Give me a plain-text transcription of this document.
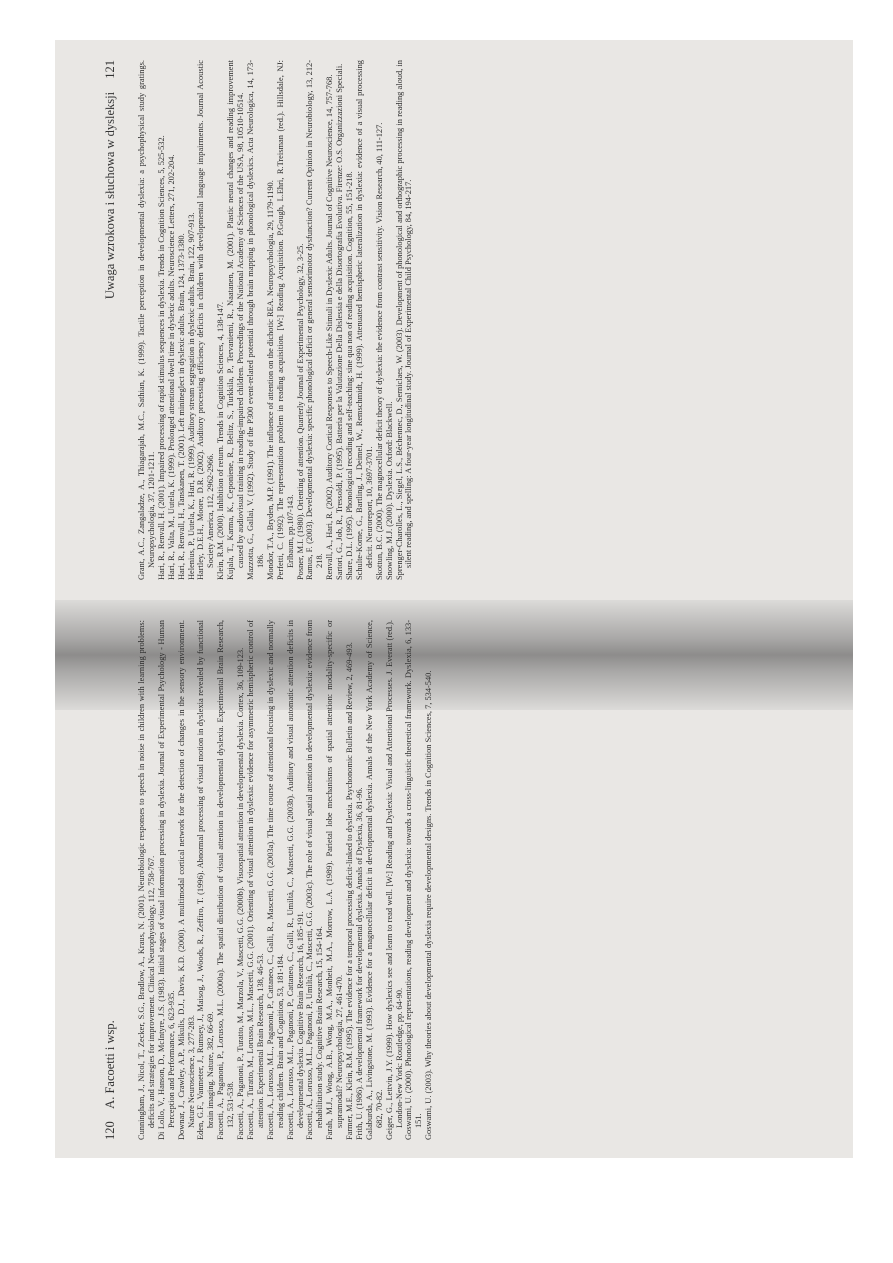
120 A. Facoetti i wsp.	Cunningham, J., Nicol, T., Zecker, S.G., Bradlow, A., Kraus, N. (2001). Neurobiologic responses to speech in noise in children with learning problems: deficits and strategies for improvement. Clinical Neurophysiology, 112, 758-767. Di Lollo, V., Hanson, D., McIntyre, J.S. (1983). Initial stages of visual information processing in dyslexia. Journal of Experimental Psychology - Human Perception and Performance, 6, 623-935. Downar, J., Crawley, A.P., Mikulis, D.J., Davis, K.D. (2000). A multimodal cortical network for the detection of changes in the sensory environment. Nature Neuroscience, 3, 277-283. Eden, G.F., Vanmeter, J., Rumsey, J., Maisog, J., Woods, R., Zeffiro, T. (1996). Abnormal processing of visual motion in dyslexia revealed by functional brain imaging. Nature, 382, 66-69. Facoetti, A., Paganoni, P., Lorusso, M.L. (2000a). The spatial distribution of visual attention in developmental dyslexia. Experimental Brain Research, 132, 531-538. Facoetti, A., Paganoni, P., Turatto, M., Marzola, V., Mascetti, G.G. (2000b). Visuospatial attention in developmental dyslexia. Cortex, 36, 109-123. Facoetti, A., Turatto, M., Lorusso, M.L., Mascetti, G.G. (2001). Orienting of visual attention in dyslexia: evidence for asymmetric hemispheric control of attention. Experimental Brain Research, 138, 46-53. Facoetti, A., Lorusso, M.L., Paganoni, P., Cattaneo, C., Galli, R., Mascetti, G.G. (2003a). The time course of attentional focusing in dyslexic and normally reading children. Brain and Cognition, 53, 181-184. Facoetti, A., Lorusso, M.L., Paganoni, P., Cattaneo, C., Galli, R., Umiltà, C., Mascetti, G.G. (2003b). Auditory and visual automatic attention deficits in developmental dyslexia. Cognitive Brain Research, 16, 185-191. Facoetti, A., Lorusso, M.L., Paganoni, P., Umiltà, C., Mascetti, G.G. (2003c). The role of visual spatial attention in developmental dyslexia: evidence from rehabilitation study. Cognitive Brain Research, 15, 154-164. Farah, M.J., Wong, A.B., Wong, M.A., Monheit, M.A., Morrow, L.A. (1989). Parietal lobe mechanisms of spatial attention: modality-specific or supramodal? Neuropsychologia, 27, 461-470. Farmer, M.E., Klein, R.M. (1995). The evidence for a temporal processing deficit-linked to dyslexia. Psychonomic Bulletin and Review, 2, 469-493. Frith, U. (1986). A developmental framework for developmental dyslexia. Annals of Dyslexia, 36, 81-96. Galaburda, A., Livingstone, M. (1993). Evidence for a magnocellular deficit in developmental dyslexia. Annals of the New York Academy of Science, 682, 70-82. Geiger, G., Lettvin, J.Y. (1999). How dyslexics see and learn to read well. [W:] Reading and Dyslexia: Visual and Attentional Processes. J. Everatt (red.). London-New York: Routledge, pp. 64-90. Goswami, U. (2000). Phonological representations, reading development and dyslexia: towards a cross-linguistic theoretical framework. Dyslexia, 6, 133-151. Goswami, U. (2003). Why theories about developmental dyslexia require developmental designs. Trends in Cognition Sciences, 7, 534-540.

Uwaga wzrokowa i słuchowa w dysleksji 121	Grant, A.C., Zangaladze, A., Thiagarajah, M.C., Sathian, K. (1999). Tactile perception in developmental dyslexia: a psychophysical study gratings. Neuropsychologia, 37, 1201-1211. Hari, R., Renvall, H. (2001). Impaired processing of rapid stimulus sequences in dyslexia. Trends in Cognition Sciences, 5, 525-532. Hari, R., Valta, M., Uutela, K. (1999). Prolonged attentional dwell time in dyslexic adults. Neuroscience Letters, 271, 202-204. Hari, R., Renvall, H., Tanskanen, T. (2001). Left minineglect in dyslexic adults. Brain, 124, 1373-1380. Helenius, P., Uutela, K., Hari, R. (1999). Auditory stream segregation in dyslexic adults. Brain, 122, 907-913. Hartley, D.E.H., Moore, D.R. (2002). Auditory processing efficiency deficits in children with developmental language impairments. Journal Acoustic Society America, 112, 2962-2966. Klein, R.M. (2000). Inhibition of return. Trends in Cognition Sciences, 4, 138-147. Kujala, T., Karma, K., Ceponiene, R., Belitz, S., Turkkila, P., Tervaniemi, R., Naatanen, M. (2001). Plastic neural changes and reading improvement caused by audiovisual training in reading-impaired children. Proceedings of the National Academy of Sciences of the USA, 98, 10510-10514. Mazzotta, G., Gallai, V. (1992). Study of the P300 event-related potential through brain mapping in phonological dyslexics. Acta Neurologica, 14, 173-186. Mondor, T.A., Bryden, M.P. (1991). The influence of attention on the dichotic REA. Neuropsychologia, 29, 1179-1190. Perfetti, C. (1992). The representation problem in reading acquisition. [W:] Reading Acquisition. P.Gough, L.Ehri, R.Treisman (red.). Hillsdale, NJ: Erlbaum, pp.107-143. Posner, M.I. (1980). Orienting of attention. Quarterly Journal of Experimental Psychology, 32, 3-25. Ramus, F. (2003). Developmental dyslexia: specific phonological deficit or general sensorimotor dysfunction? Current Opinion in Neurobiology, 13, 212-218. Renvall, A., Hari, R. (2002). Auditory Cortical Responses to Speech-Like Stimuli in Dyslexic Adults. Journal of Cognitive Neuroscience, 14, 757-768. Sartori, G., Job, R., Tressoldi, P. (1995). Batteria per la Valutazione Della Dislessia e della Disortografia Evolutiva. Firenze: O.S. Organizzazioni Speciali. Share, D.L. (1995). Phonological recoding and self-teaching: sine qua non of reading acquisition. Cognition, 55, 151-218. Schulte-Korne, G., Bartling, J., Deimel, W., Remschmidt, H. (1999). Attenuated hemispheric lateralization in dyslexia: evidence of a visual processing deficit. Neuroreport, 10, 3697-3701. Skottun, B.C. (2000). The magnocellular deficit theory of dyslexia: the evidence from contrast sensitivity. Vision Research, 40, 111-127. Snowling, M.J. (2000). Dyslexia. Oxford: Blackwell. Sprenger-Charolles, L., Siegel, L.S., Béchennec, D., Serniclaes, W. (2003). Development of phonological and orthographic processing in reading aloud, in silent reading, and spelling: A four-year longitudinal study. Journal of Experimental Child Psychology, 84, 194-217.
